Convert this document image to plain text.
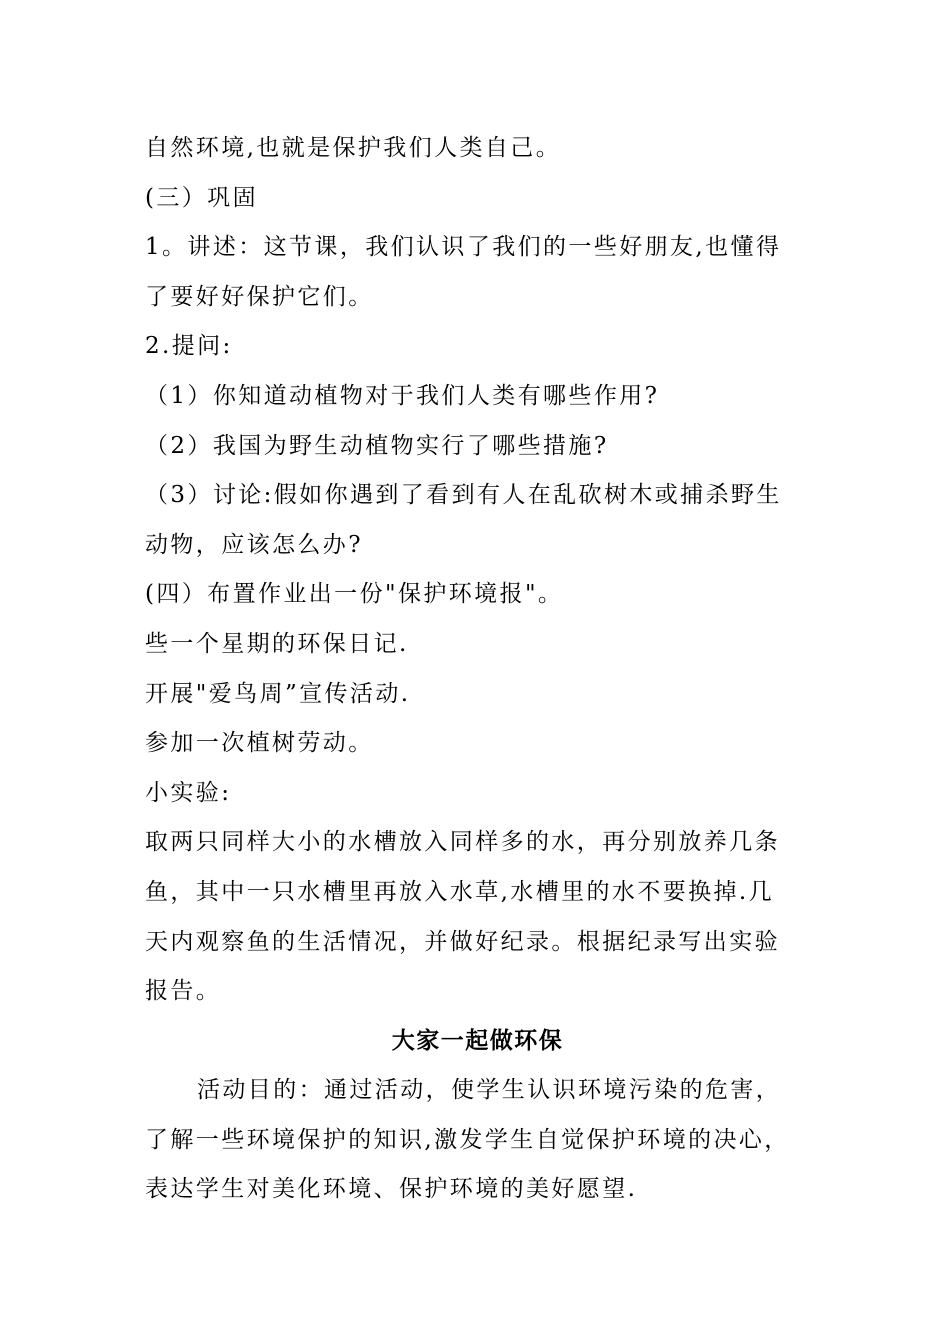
自然环境,也就是保护我们人类自己。
(三）巩固
1。讲述：这节课，我们认识了我们的一些好朋友,也懂得
了要好好保护它们。
2.提问:
（1）你知道动植物对于我们人类有哪些作用?
（2）我国为野生动植物实行了哪些措施?
（3）讨论:假如你遇到了看到有人在乱砍树木或捕杀野生
动物，应该怎么办?
(四）布置作业出一份"保护环境报"。
些一个星期的环保日记.
开展"爱鸟周”宣传活动.
参加一次植树劳动。
小实验:
取两只同样大小的水槽放入同样多的水，再分别放养几条
鱼，其中一只水槽里再放入水草,水槽里的水不要换掉.几
天内观察鱼的生活情况，并做好纪录。根据纪录写出实验
报告。
大家一起做环保
活动目的：通过活动，使学生认识环境污染的危害，
了解一些环境保护的知识,激发学生自觉保护环境的决心，
表达学生对美化环境、保护环境的美好愿望.
